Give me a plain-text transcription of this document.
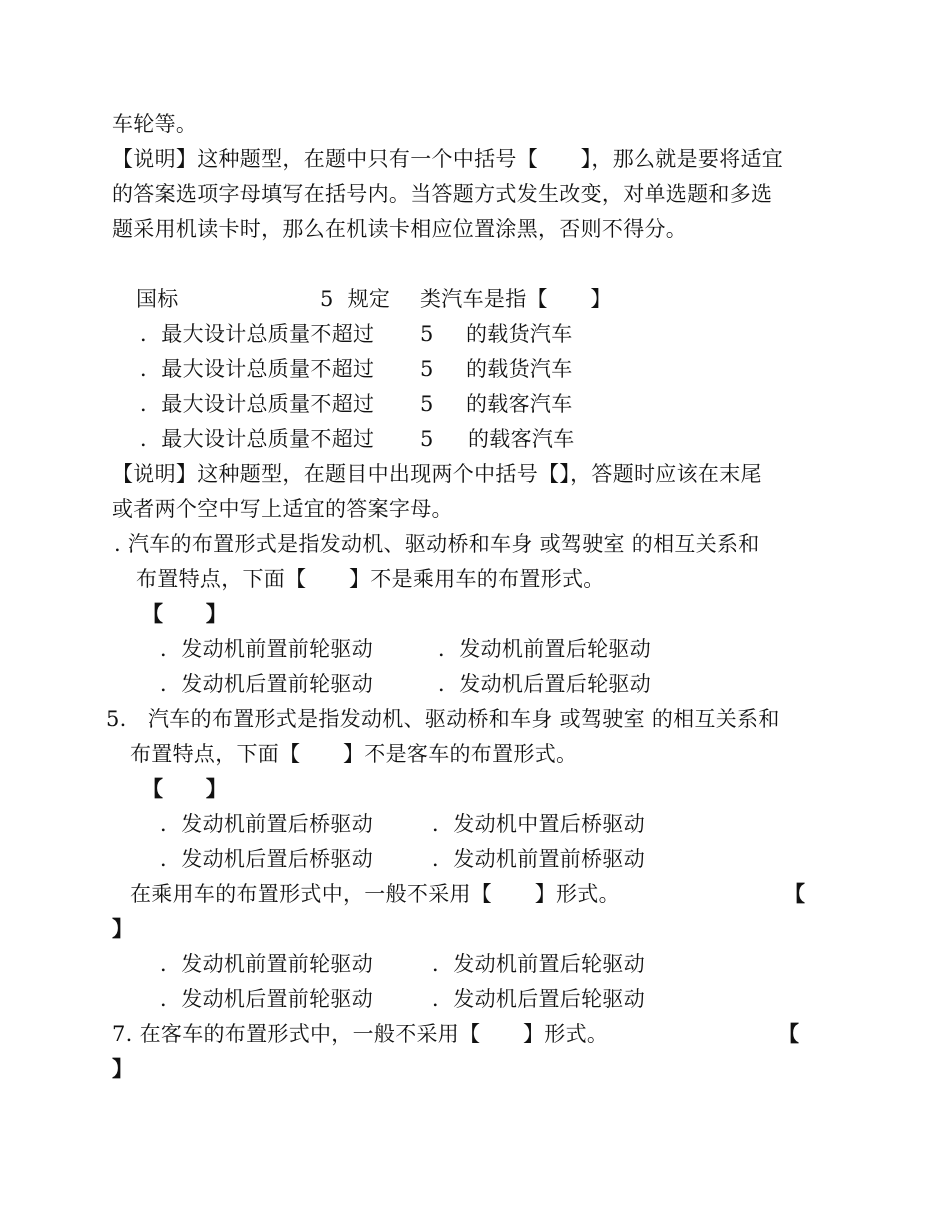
车轮等。
【说明】这种题型，在题中只有一个中括号【　　】，那么就是要将适宜
的答案选项字母填写在括号内。当答题方式发生改变，对单选题和多选
题采用机读卡时，那么在机读卡相应位置涂黑，否则不得分。
国标	5  规定 类汽车是指【　　】
．最大设计总质量不超过 5 的载货汽车
．最大设计总质量不超过 5 的载货汽车
．最大设计总质量不超过 5 的载客汽车
．最大设计总质量不超过 5 的载客汽车
【说明】这种题型，在题目中出现两个中括号【】，答题时应该在末尾
或者两个空中写上适宜的答案字母。
. 汽车的布置形式是指发动机、驱动桥和车身 或驾驶室 的相互关系和
布置特点，下面【　　】不是乘用车的布置形式。
【　　】
．发动机前置前轮驱动	．发动机前置后轮驱动
．发动机后置前轮驱动	．发动机后置后轮驱动
5. 汽车的布置形式是指发动机、驱动桥和车身 或驾驶室 的相互关系和
布置特点，下面【　　】不是客车的布置形式。
【　　】
．发动机前置后桥驱动	．发动机中置后桥驱动
．发动机后置后桥驱动	．发动机前置前桥驱动
在乘用车的布置形式中，一般不采用【　　】形式。	【
】
．发动机前置前轮驱动	．发动机前置后轮驱动
．发动机后置前轮驱动	．发动机后置后轮驱动
7. 在客车的布置形式中，一般不采用【　　】形式。	【
】
